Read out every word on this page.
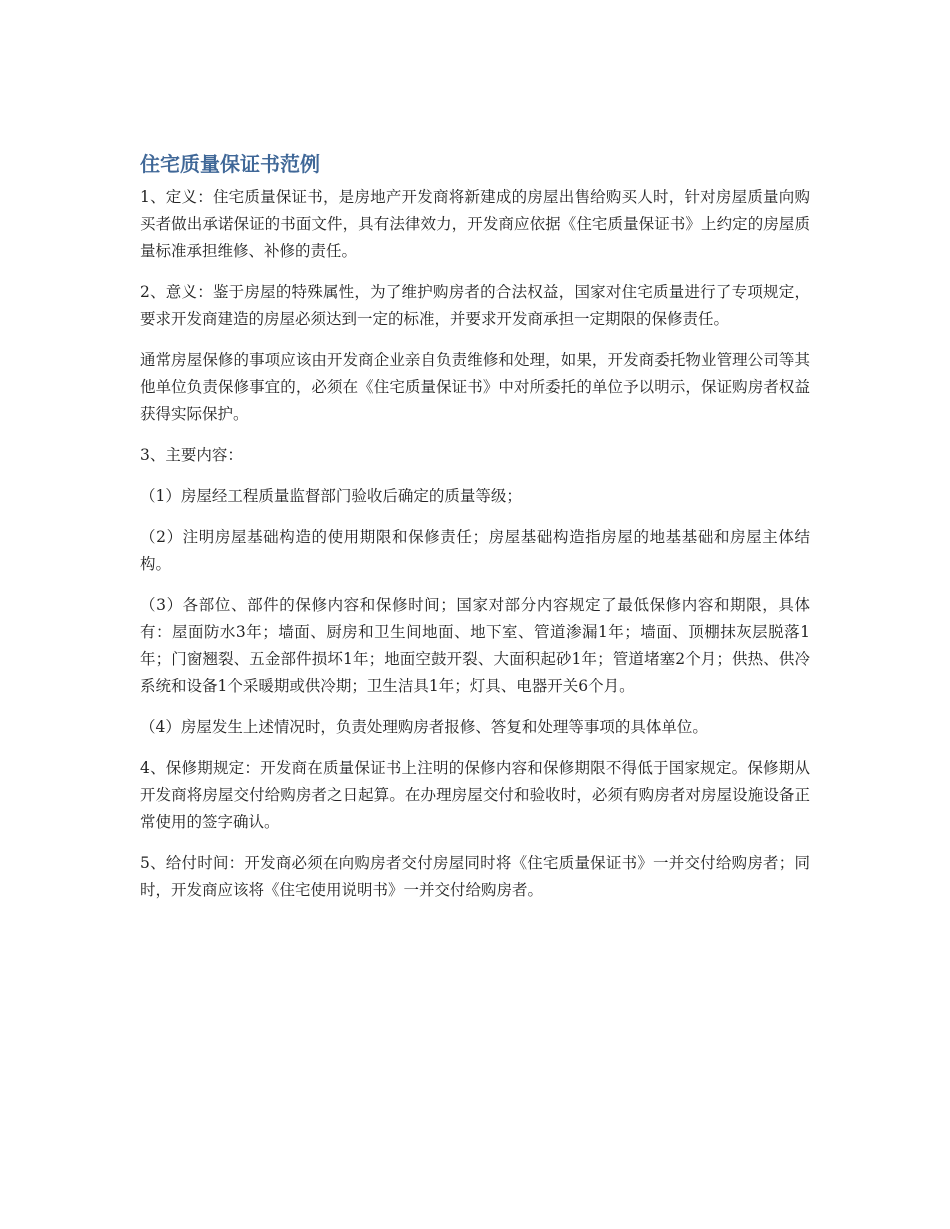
住宅质量保证书范例

1、定义：住宅质量保证书，是房地产开发商将新建成的房屋出售给购买人时，针对房屋质量向购买者做出承诺保证的书面文件，具有法律效力，开发商应依据《住宅质量保证书》上约定的房屋质量标准承担维修、补修的责任。

2、意义：鉴于房屋的特殊属性，为了维护购房者的合法权益，国家对住宅质量进行了专项规定，要求开发商建造的房屋必须达到一定的标准，并要求开发商承担一定期限的保修责任。

通常房屋保修的事项应该由开发商企业亲自负责维修和处理，如果，开发商委托物业管理公司等其他单位负责保修事宜的，必须在《住宅质量保证书》中对所委托的单位予以明示，保证购房者权益获得实际保护。

3、主要内容：

（1）房屋经工程质量监督部门验收后确定的质量等级；

（2）注明房屋基础构造的使用期限和保修责任；房屋基础构造指房屋的地基基础和房屋主体结构。

（3）各部位、部件的保修内容和保修时间；国家对部分内容规定了最低保修内容和期限，具体有：屋面防水3年；墙面、厨房和卫生间地面、地下室、管道渗漏1年；墙面、顶棚抹灰层脱落1年；门窗翘裂、五金部件损坏1年；地面空鼓开裂、大面积起砂1年；管道堵塞2个月；供热、供冷系统和设备1个采暖期或供冷期；卫生洁具1年；灯具、电器开关6个月。

（4）房屋发生上述情况时，负责处理购房者报修、答复和处理等事项的具体单位。

4、保修期规定：开发商在质量保证书上注明的保修内容和保修期限不得低于国家规定。保修期从开发商将房屋交付给购房者之日起算。在办理房屋交付和验收时，必须有购房者对房屋设施设备正常使用的签字确认。

5、给付时间：开发商必须在向购房者交付房屋同时将《住宅质量保证书》一并交付给购房者；同时，开发商应该将《住宅使用说明书》一并交付给购房者。
